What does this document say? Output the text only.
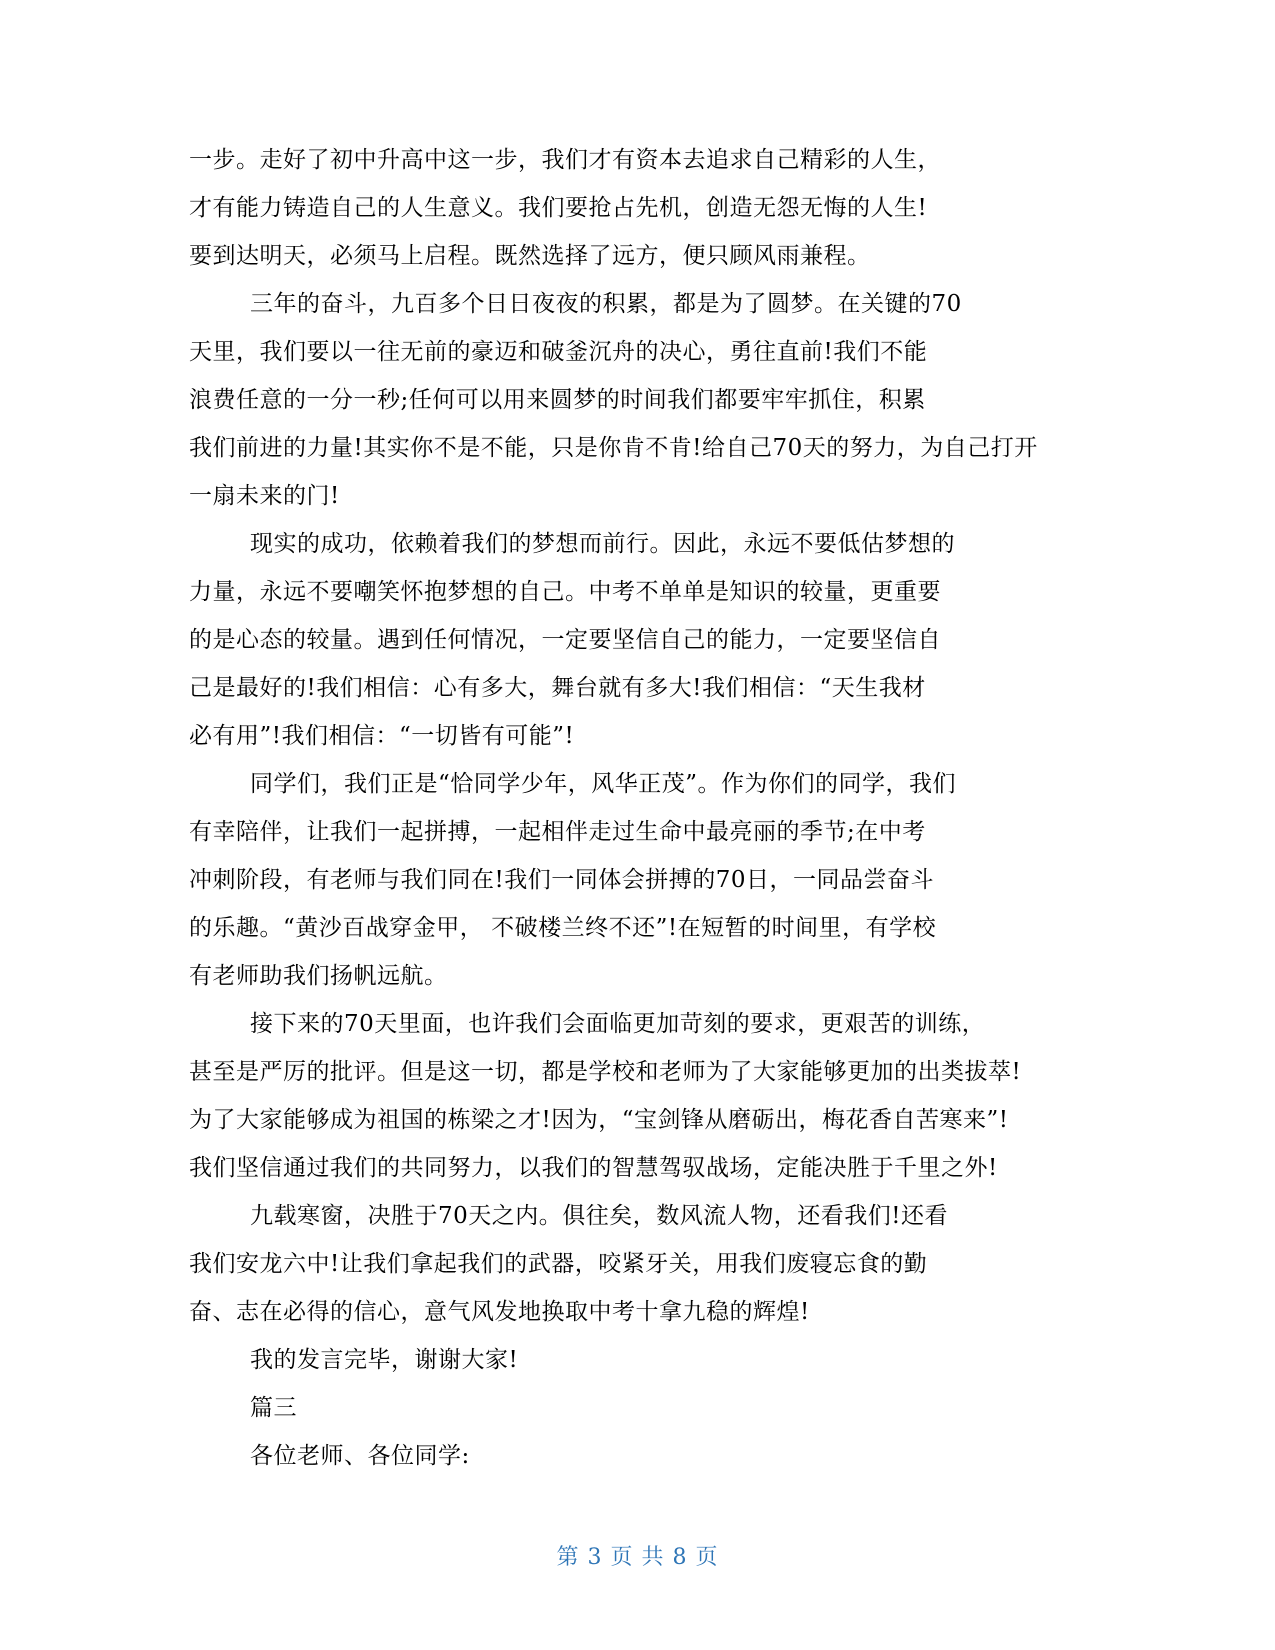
一步。走好了初中升高中这一步，我们才有资本去追求自己精彩的人生，
才有能力铸造自己的人生意义。我们要抢占先机，创造无怨无悔的人生!
要到达明天，必须马上启程。既然选择了远方，便只顾风雨兼程。
三年的奋斗，九百多个日日夜夜的积累，都是为了圆梦。在关键的70
天里，我们要以一往无前的豪迈和破釜沉舟的决心，勇往直前!我们不能
浪费任意的一分一秒;任何可以用来圆梦的时间我们都要牢牢抓住，积累
我们前进的力量!其实你不是不能，只是你肯不肯!给自己70天的努力，为自己打开
一扇未来的门!
现实的成功，依赖着我们的梦想而前行。因此，永远不要低估梦想的
力量，永远不要嘲笑怀抱梦想的自己。中考不单单是知识的较量，更重要
的是心态的较量。遇到任何情况，一定要坚信自己的能力，一定要坚信自
己是最好的!我们相信：心有多大，舞台就有多大!我们相信：“天生我材
必有用”!我们相信：“一切皆有可能”!
同学们，我们正是“恰同学少年，风华正茂”。作为你们的同学，我们
有幸陪伴，让我们一起拼搏，一起相伴走过生命中最亮丽的季节;在中考
冲刺阶段，有老师与我们同在!我们一同体会拼搏的70日，一同品尝奋斗
的乐趣。“黄沙百战穿金甲， 不破楼兰终不还”!在短暂的时间里，有学校
有老师助我们扬帆远航。
接下来的70天里面，也许我们会面临更加苛刻的要求，更艰苦的训练，
甚至是严厉的批评。但是这一切，都是学校和老师为了大家能够更加的出类拔萃!
为了大家能够成为祖国的栋梁之才!因为，“宝剑锋从磨砺出，梅花香自苦寒来”!
我们坚信通过我们的共同努力，以我们的智慧驾驭战场，定能决胜于千里之外!
九载寒窗，决胜于70天之内。俱往矣，数风流人物，还看我们!还看
我们安龙六中!让我们拿起我们的武器，咬紧牙关，用我们废寝忘食的勤
奋、志在必得的信心，意气风发地换取中考十拿九稳的辉煌!
我的发言完毕，谢谢大家!
篇三
各位老师、各位同学:
第 3 页 共 8 页
